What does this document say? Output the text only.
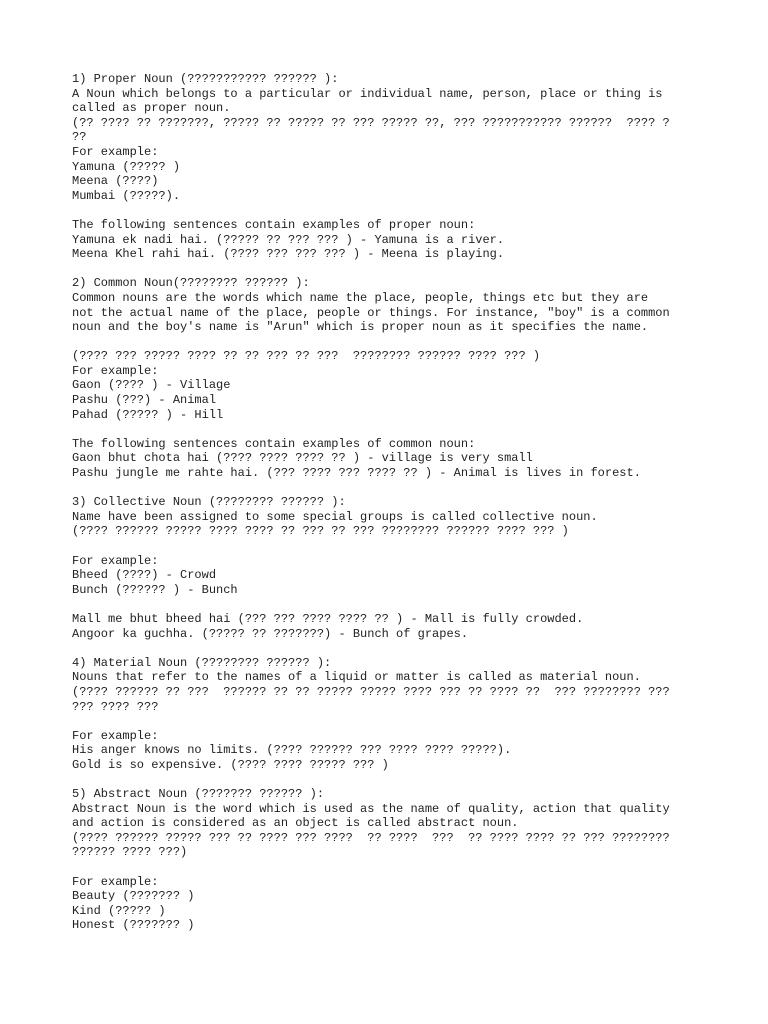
1) Proper Noun (??????????? ?????? ):
A Noun which belongs to a particular or individual name, person, place or thing is
called as proper noun.
(?? ???? ?? ???????, ????? ?? ????? ?? ??? ????? ??, ??? ??????????? ??????  ???? ?
??
For example:
Yamuna (????? )
Meena (????)
Mumbai (?????).
The following sentences contain examples of proper noun:
Yamuna ek nadi hai. (????? ?? ??? ??? ) - Yamuna is a river.
Meena Khel rahi hai. (???? ??? ??? ??? ) - Meena is playing.
2) Common Noun(???????? ?????? ):
Common nouns are the words which name the place, people, things etc but they are
not the actual name of the place, people or things. For instance, "boy" is a common
noun and the boy's name is "Arun" which is proper noun as it specifies the name.
(???? ??? ????? ???? ?? ?? ??? ?? ???  ???????? ?????? ???? ??? )
For example:
Gaon (???? ) - Village
Pashu (???) - Animal
Pahad (????? ) - Hill
The following sentences contain examples of common noun:
Gaon bhut chota hai (???? ???? ???? ?? ) - village is very small
Pashu jungle me rahte hai. (??? ???? ??? ???? ?? ) - Animal is lives in forest.
3) Collective Noun (???????? ?????? ):
Name have been assigned to some special groups is called collective noun.
(???? ?????? ????? ???? ???? ?? ??? ?? ??? ???????? ?????? ???? ??? )
For example:
Bheed (????) - Crowd
Bunch (?????? ) - Bunch
Mall me bhut bheed hai (??? ??? ???? ???? ?? ) - Mall is fully crowded.
Angoor ka guchha. (????? ?? ???????) - Bunch of grapes.
4) Material Noun (???????? ?????? ):
Nouns that refer to the names of a liquid or matter is called as material noun.
(???? ?????? ?? ???  ?????? ?? ?? ????? ????? ???? ??? ?? ???? ??  ??? ???????? ???
??? ???? ???
For example:
His anger knows no limits. (???? ?????? ??? ???? ???? ?????).
Gold is so expensive. (???? ???? ????? ??? )
5) Abstract Noun (??????? ?????? ):
Abstract Noun is the word which is used as the name of quality, action that quality
and action is considered as an object is called abstract noun.
(???? ?????? ????? ??? ?? ???? ??? ????  ?? ????  ???  ?? ???? ???? ?? ??? ????????
?????? ???? ???)
For example:
Beauty (??????? )
Kind (????? )
Honest (??????? )
